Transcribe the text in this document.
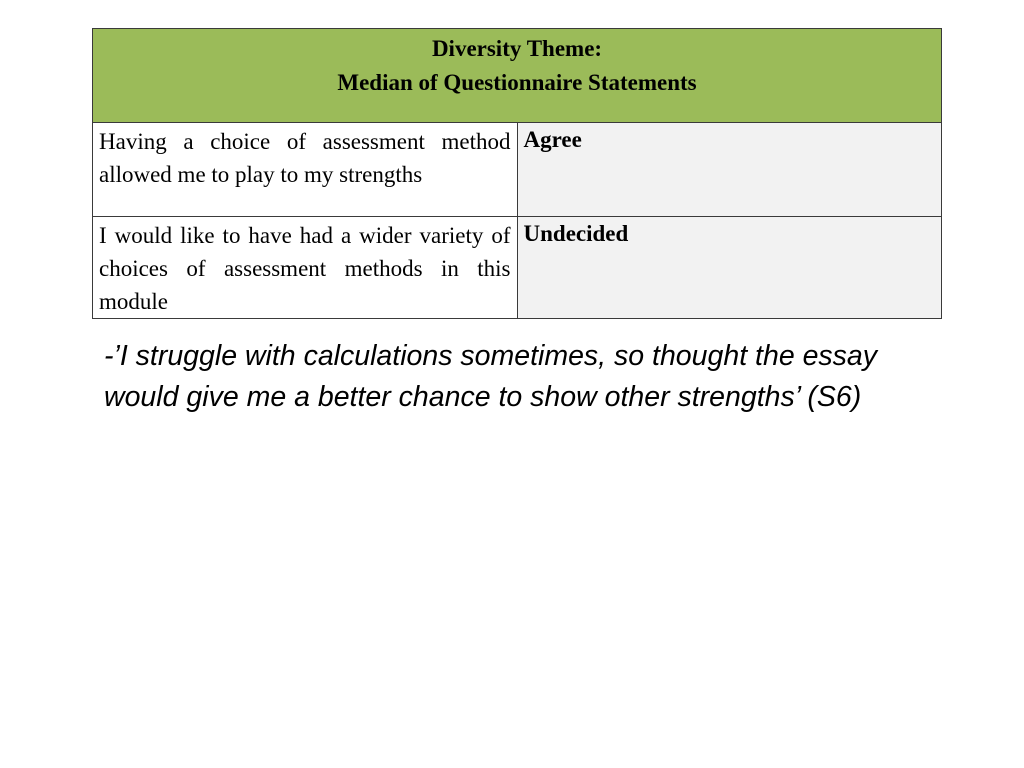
Diversity Theme:
Median of Questionnaire Statements	

Having a choice of assessment method allowed me to play to my strengths	Agree
I would like to have had a wider variety of choices of assessment methods in this module	Undecided
-’I struggle with calculations sometimes, so thought the essay would give me a better chance to show other strengths’ (S6)
